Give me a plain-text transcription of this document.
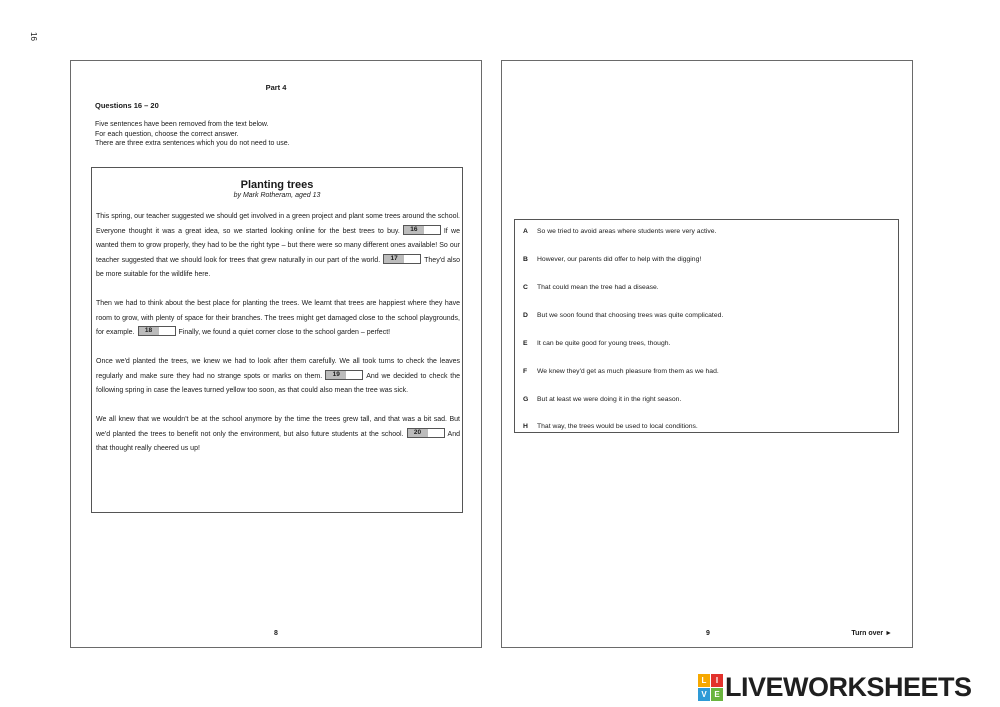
16
Part 4
Questions 16 – 20
Five sentences have been removed from the text below.
For each question, choose the correct answer.
There are three extra sentences which you do not need to use.
Planting trees
by Mark Rotheram, aged 13

This spring, our teacher suggested we should get involved in a green project and plant some trees around the school. Everyone thought it was a great idea, so we started looking online for the best trees to buy. 16	If we wanted them to grow properly, they had to be the right type – but there were so many different ones available! So our teacher suggested that we should look for trees that grew naturally in our part of the world. 17	They'd also be more suitable for the wildlife here.

Then we had to think about the best place for planting the trees. We learnt that trees are happiest where they have room to grow, with plenty of space for their branches. The trees might get damaged close to the school playgrounds, for example. 18	Finally, we found a quiet corner close to the school garden – perfect!

Once we'd planted the trees, we knew we had to look after them carefully. We all took turns to check the leaves regularly and make sure they had no strange spots or marks on them. 19	And we decided to check the following spring in case the leaves turned yellow too soon, as that could also mean the tree was sick.

We all knew that we wouldn't be at the school anymore by the time the trees grew tall, and that was a bit sad. But we'd planted the trees to benefit not only the environment, but also future students at the school. 20	And that thought really cheered us up!

8
A So we tried to avoid areas where students were very active.
B However, our parents did offer to help with the digging!
C That could mean the tree had a disease.
D But we soon found that choosing trees was quite complicated.
E It can be quite good for young trees, though.
F We knew they'd get as much pleasure from them as we had.
G But at least we were doing it in the right season.
H That way, the trees would be used to local conditions.
9	Turn over ►
L	I
V E LIVEWORKSHEETS
